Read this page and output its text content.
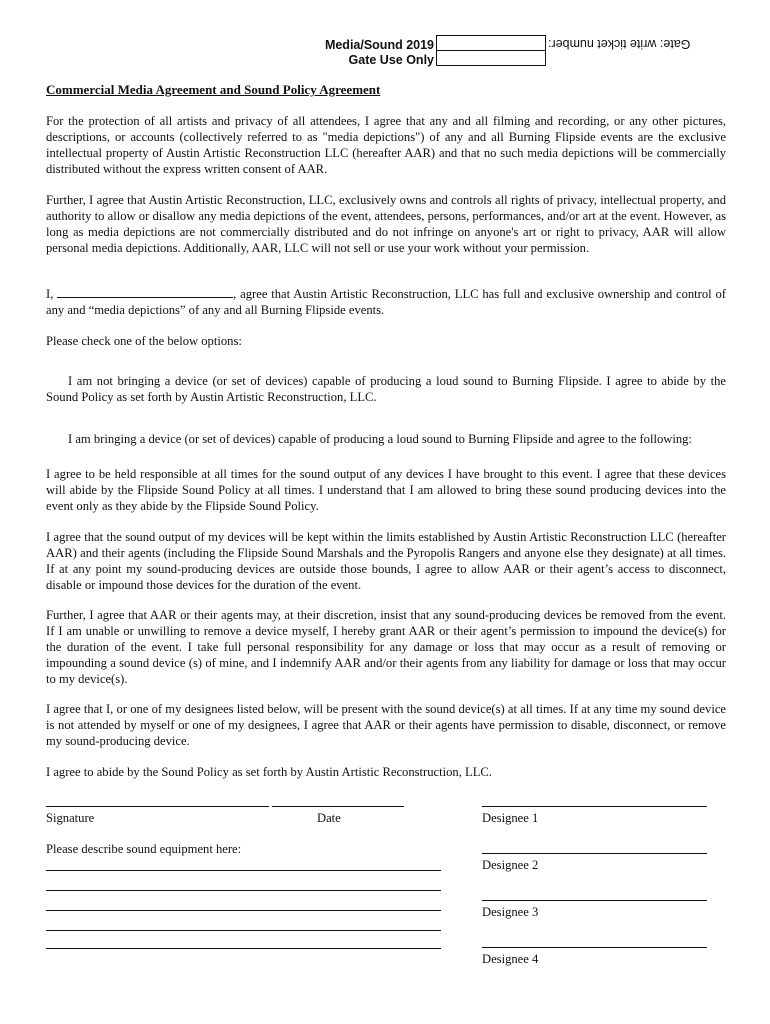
Media/Sound 2019
Gate Use Only
Gate: write ticket number:
Commercial Media Agreement and Sound Policy Agreement
For the protection of all artists and privacy of all attendees, I agree that any and all filming and recording, or any other pictures, descriptions, or accounts (collectively referred to as "media depictions") of any and all Burning Flipside events are the exclusive intellectual property of Austin Artistic Reconstruction LLC (hereafter AAR) and that no such media depictions will be commercially distributed without the express written consent of AAR.
Further, I agree that Austin Artistic Reconstruction, LLC, exclusively owns and controls all rights of privacy, intellectual property, and authority to allow or disallow any media depictions of the event, attendees, persons, performances, and/or art at the event. However, as long as media depictions are not commercially distributed and do not infringe on anyone's art or right to privacy, AAR will allow personal media depictions. Additionally, AAR, LLC will not sell or use your work without your permission.
I,	, agree that Austin Artistic Reconstruction, LLC has full and exclusive ownership and control of any and “media depictions” of any and all Burning Flipside events.
Please check one of the below options:
I am not bringing a device (or set of devices) capable of producing a loud sound to Burning Flipside. I agree to abide by the Sound Policy as set forth by Austin Artistic Reconstruction, LLC.
I am bringing a device (or set of devices) capable of producing a loud sound to Burning Flipside and agree to the following:
I agree to be held responsible at all times for the sound output of any devices I have brought to this event. I agree that these devices will abide by the Flipside Sound Policy at all times. I understand that I am allowed to bring these sound producing devices into the event only as they abide by the Flipside Sound Policy.
I agree that the sound output of my devices will be kept within the limits established by Austin Artistic Reconstruction LLC (hereafter AAR) and their agents (including the Flipside Sound Marshals and the Pyropolis Rangers and anyone else they designate) at all times. If at any point my sound-producing devices are outside those bounds, I agree to allow AAR or their agent’s access to disconnect, disable or impound those devices for the duration of the event.
Further, I agree that AAR or their agents may, at their discretion, insist that any sound-producing devices be removed from the event. If I am unable or unwilling to remove a device myself, I hereby grant AAR or their agent’s permission to impound the device(s) for the duration of the event. I take full personal responsibility for any damage or loss that may occur as a result of removing or impounding a sound device (s) of mine, and I indemnify AAR and/or their agents from any liability for damage or loss that may occur to my device(s).
I agree that I, or one of my designees listed below, will be present with the sound device(s) at all times. If at any time my sound device is not attended by myself or one of my designees, I agree that AAR or their agents have permission to disable, disconnect, or remove my sound-producing device.
I agree to abide by the Sound Policy as set forth by Austin Artistic Reconstruction, LLC.
Signature	Date
Please describe sound equipment here:
Designee 1
Designee 2
Designee 3
Designee 4
